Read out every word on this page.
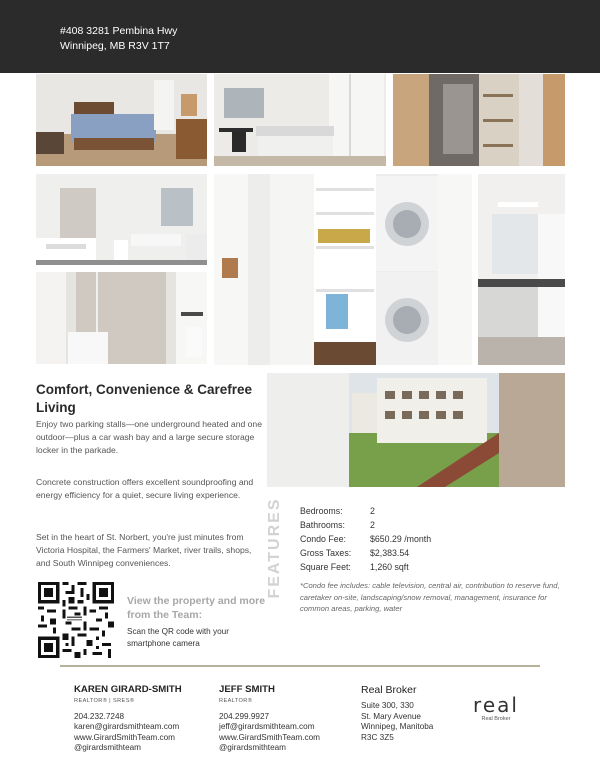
#408 3281 Pembina Hwy
Winnipeg, MB R3V 1T7
Comfort, Convenience & Carefree Living

Enjoy two parking stalls—one underground heated and one outdoor—plus a car wash bay and a large secure storage locker in the parkade.

Concrete construction offers excellent soundproofing and energy efficiency for a quiet, secure living experience.

Set in the heart of St. Norbert, you're just minutes from Victoria Hospital, the Farmers' Market, river trails, shops, and South Winnipeg conveniences.	FEATURES Bedrooms:	2
Bathrooms:	2
Condo Fee:	$650.29 /month
Gross Taxes: $2,383.54
Square Feet: 1,260 sqft
*Condo fee includes: cable television, central air, contribution to reserve fund, caretaker on-site, landscaping/snow removal, management, insurance for common areas, parking, water
View the property and more from the Team:
Scan the QR code with your smartphone camera
KAREN GIRARD-SMITH
REALTOR® | SRES®
204.232.7248
karen@girardsmithteam.com
www.GirardSmithTeam.com
@girardsmithteam
JEFF SMITH
REALTOR®
204.299.9927
jeff@girardsmithteam.com
www.GirardSmithTeam.com
@girardsmithteam
Real Broker
Suite 300, 330
St. Mary Avenue
Winnipeg, Manitoba
R3C 3Z5
real
Real Broker
